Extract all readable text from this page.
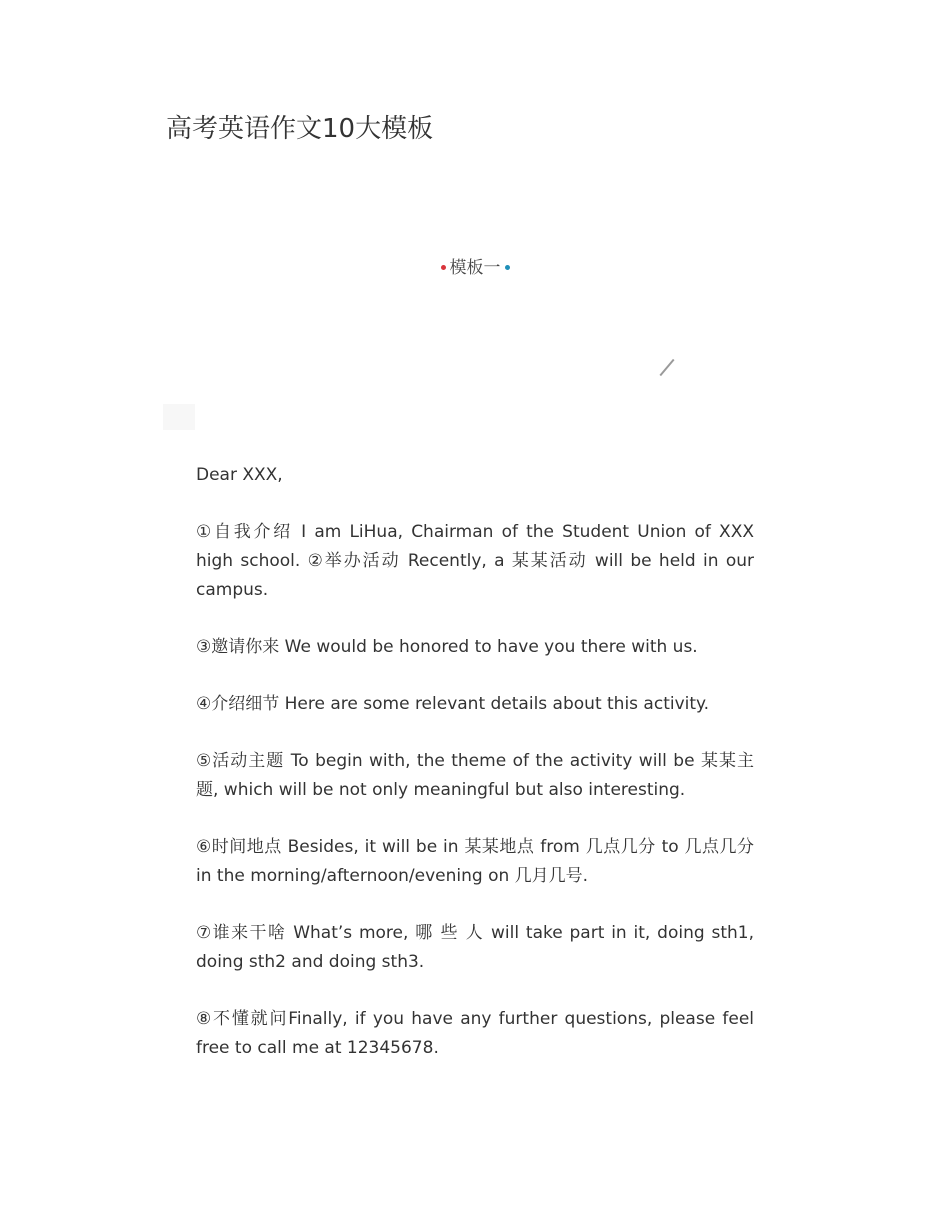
高考英语作文10大模板
模板一

Dear XXX,

①自我介绍 I am LiHua, Chairman of the Student Union of XXX high school. ②举办活动 Recently, a 某某活动 will be held in our campus.

③邀请你来 We would be honored to have you there with us.

④介绍细节 Here are some relevant details about this activity.

⑤活动主题 To begin with, the theme of the activity will be 某某主题, which will be not only meaningful but also interesting.

⑥时间地点 Besides, it will be in 某某地点 from 几点几分 to 几点几分 in the morning/afternoon/evening on 几月几号.

⑦谁来干啥 What’s more, 哪 些 人 will take part in it, doing sth1, doing sth2 and doing sth3.

⑧不懂就问Finally, if you have any further questions, please feel free to call me at 12345678.
